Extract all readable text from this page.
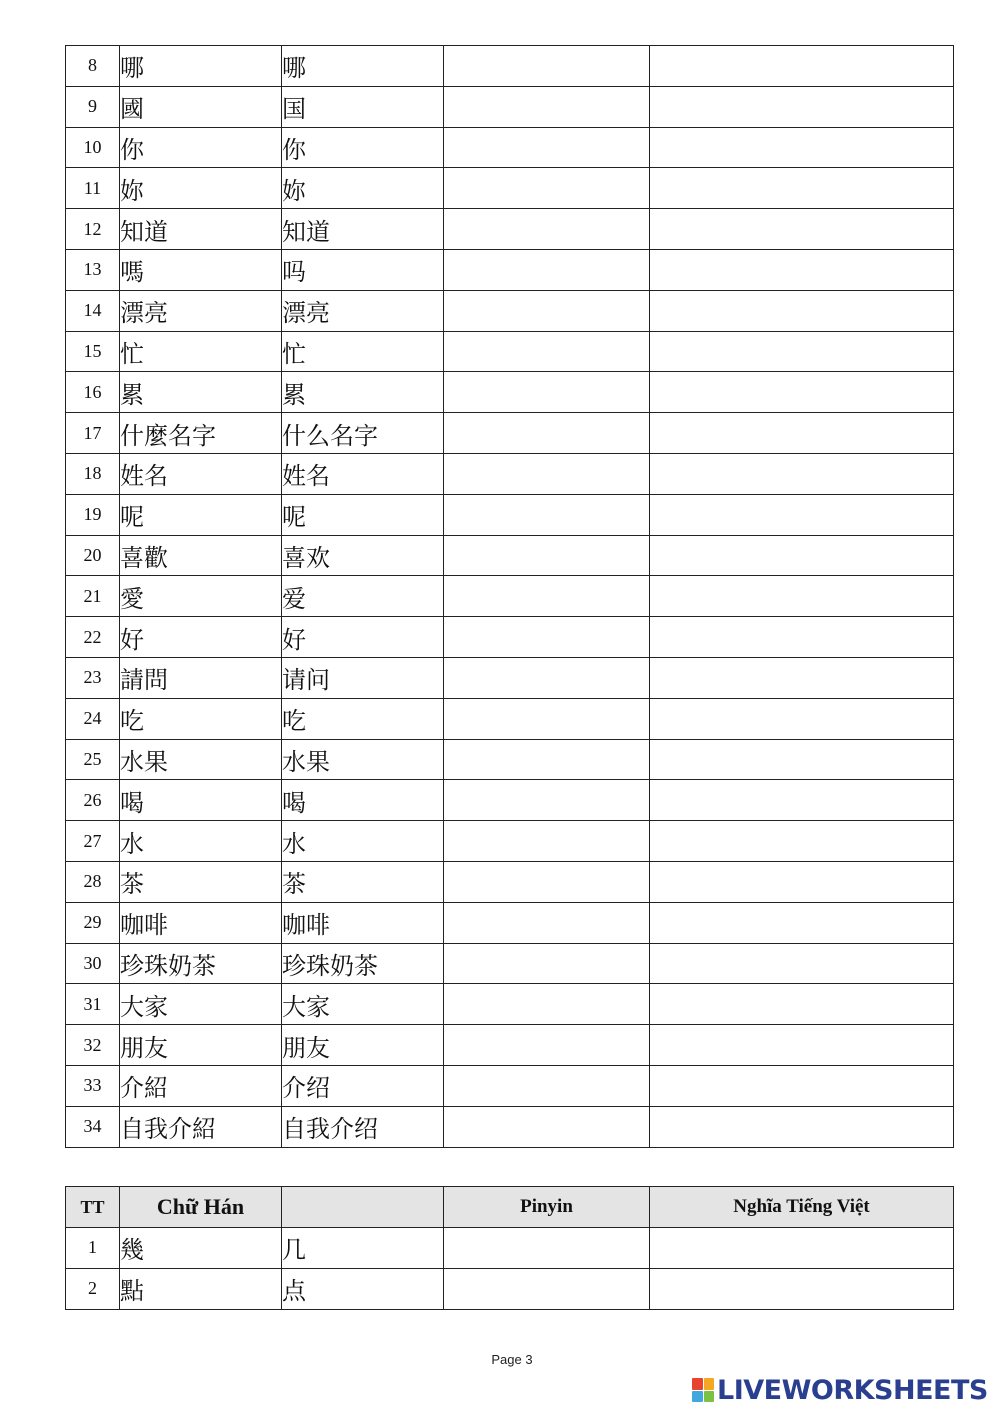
8	哪	哪		
9	國	国		
10	你	你		
11	妳	妳		
12	知道	知道		
13	嗎	吗		
14	漂亮	漂亮		
15	忙	忙		
16	累	累		
17	什麼名字	什么名字		
18	姓名	姓名		
19	呢	呢		
20	喜歡	喜欢		
21	愛	爱		
22	好	好		
23	請問	请问		
24	吃	吃		
25	水果	水果		
26	喝	喝		
27	水	水		
28	茶	茶		
29	咖啡	咖啡		
30	珍珠奶茶	珍珠奶茶		
31	大家	大家		
32	朋友	朋友		
33	介紹	介绍		
34	自我介紹	自我介绍		
TT	Chữ Hán		Pinyin	Nghĩa Tiếng Việt
1	幾	几		
2	點	点		
Page 3
LIVEWORKSHEETS
